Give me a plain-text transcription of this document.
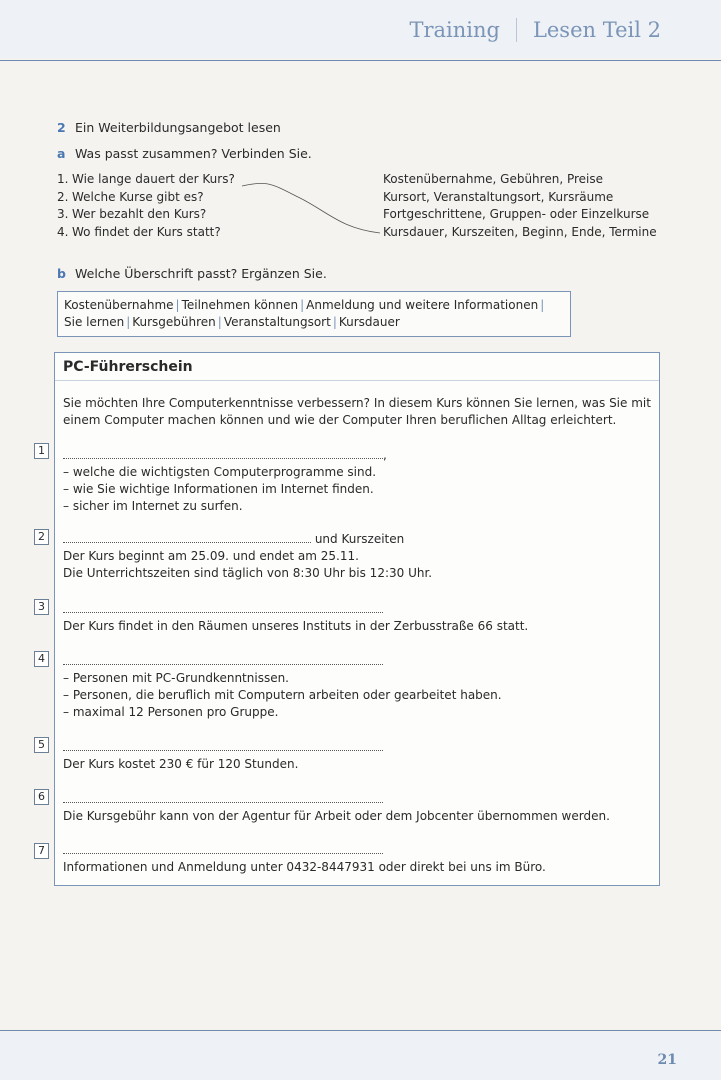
Training Lesen Teil 2
2 Ein Weiterbildungsangebot lesen
a Was passt zusammen? Verbinden Sie.
1. Wie lange dauert der Kurs?
2. Welche Kurse gibt es?
3. Wer bezahlt den Kurs?
4. Wo findet der Kurs statt?
Kostenübernahme, Gebühren, Preise
Kursort, Veranstaltungsort, Kursräume
Fortgeschrittene, Gruppen- oder Einzelkurse
Kursdauer, Kurszeiten, Beginn, Ende, Termine
b Welche Überschrift passt? Ergänzen Sie.
Kostenübernahme | Teilnehmen können | Anmeldung und weitere Informationen |
Sie lernen | Kursgebühren | Veranstaltungsort | Kursdauer
PC-Führerschein
Sie möchten Ihre Computerkenntnisse verbessern? In diesem Kurs können Sie lernen, was Sie mit einem Computer machen können und wie der Computer Ihren beruflichen Alltag erleichtert.
,
– welche die wichtigsten Computerprogramme sind.
– wie Sie wichtige Informationen im Internet finden.
– sicher im Internet zu surfen.
und Kurszeiten
Der Kurs beginnt am 25.09. und endet am 25.11.
Die Unterrichtszeiten sind täglich von 8:30 Uhr bis 12:30 Uhr.
Der Kurs findet in den Räumen unseres Instituts in der Zerbusstraße 66 statt.
– Personen mit PC-Grundkenntnissen.
– Personen, die beruflich mit Computern arbeiten oder gearbeitet haben.
– maximal 12 Personen pro Gruppe.
Der Kurs kostet 230 € für 120 Stunden.
Die Kursgebühr kann von der Agentur für Arbeit oder dem Jobcenter übernommen werden.
Informationen und Anmeldung unter 0432-8447931 oder direkt bei uns im Büro.
1
2
3
4
5
6
7
21
